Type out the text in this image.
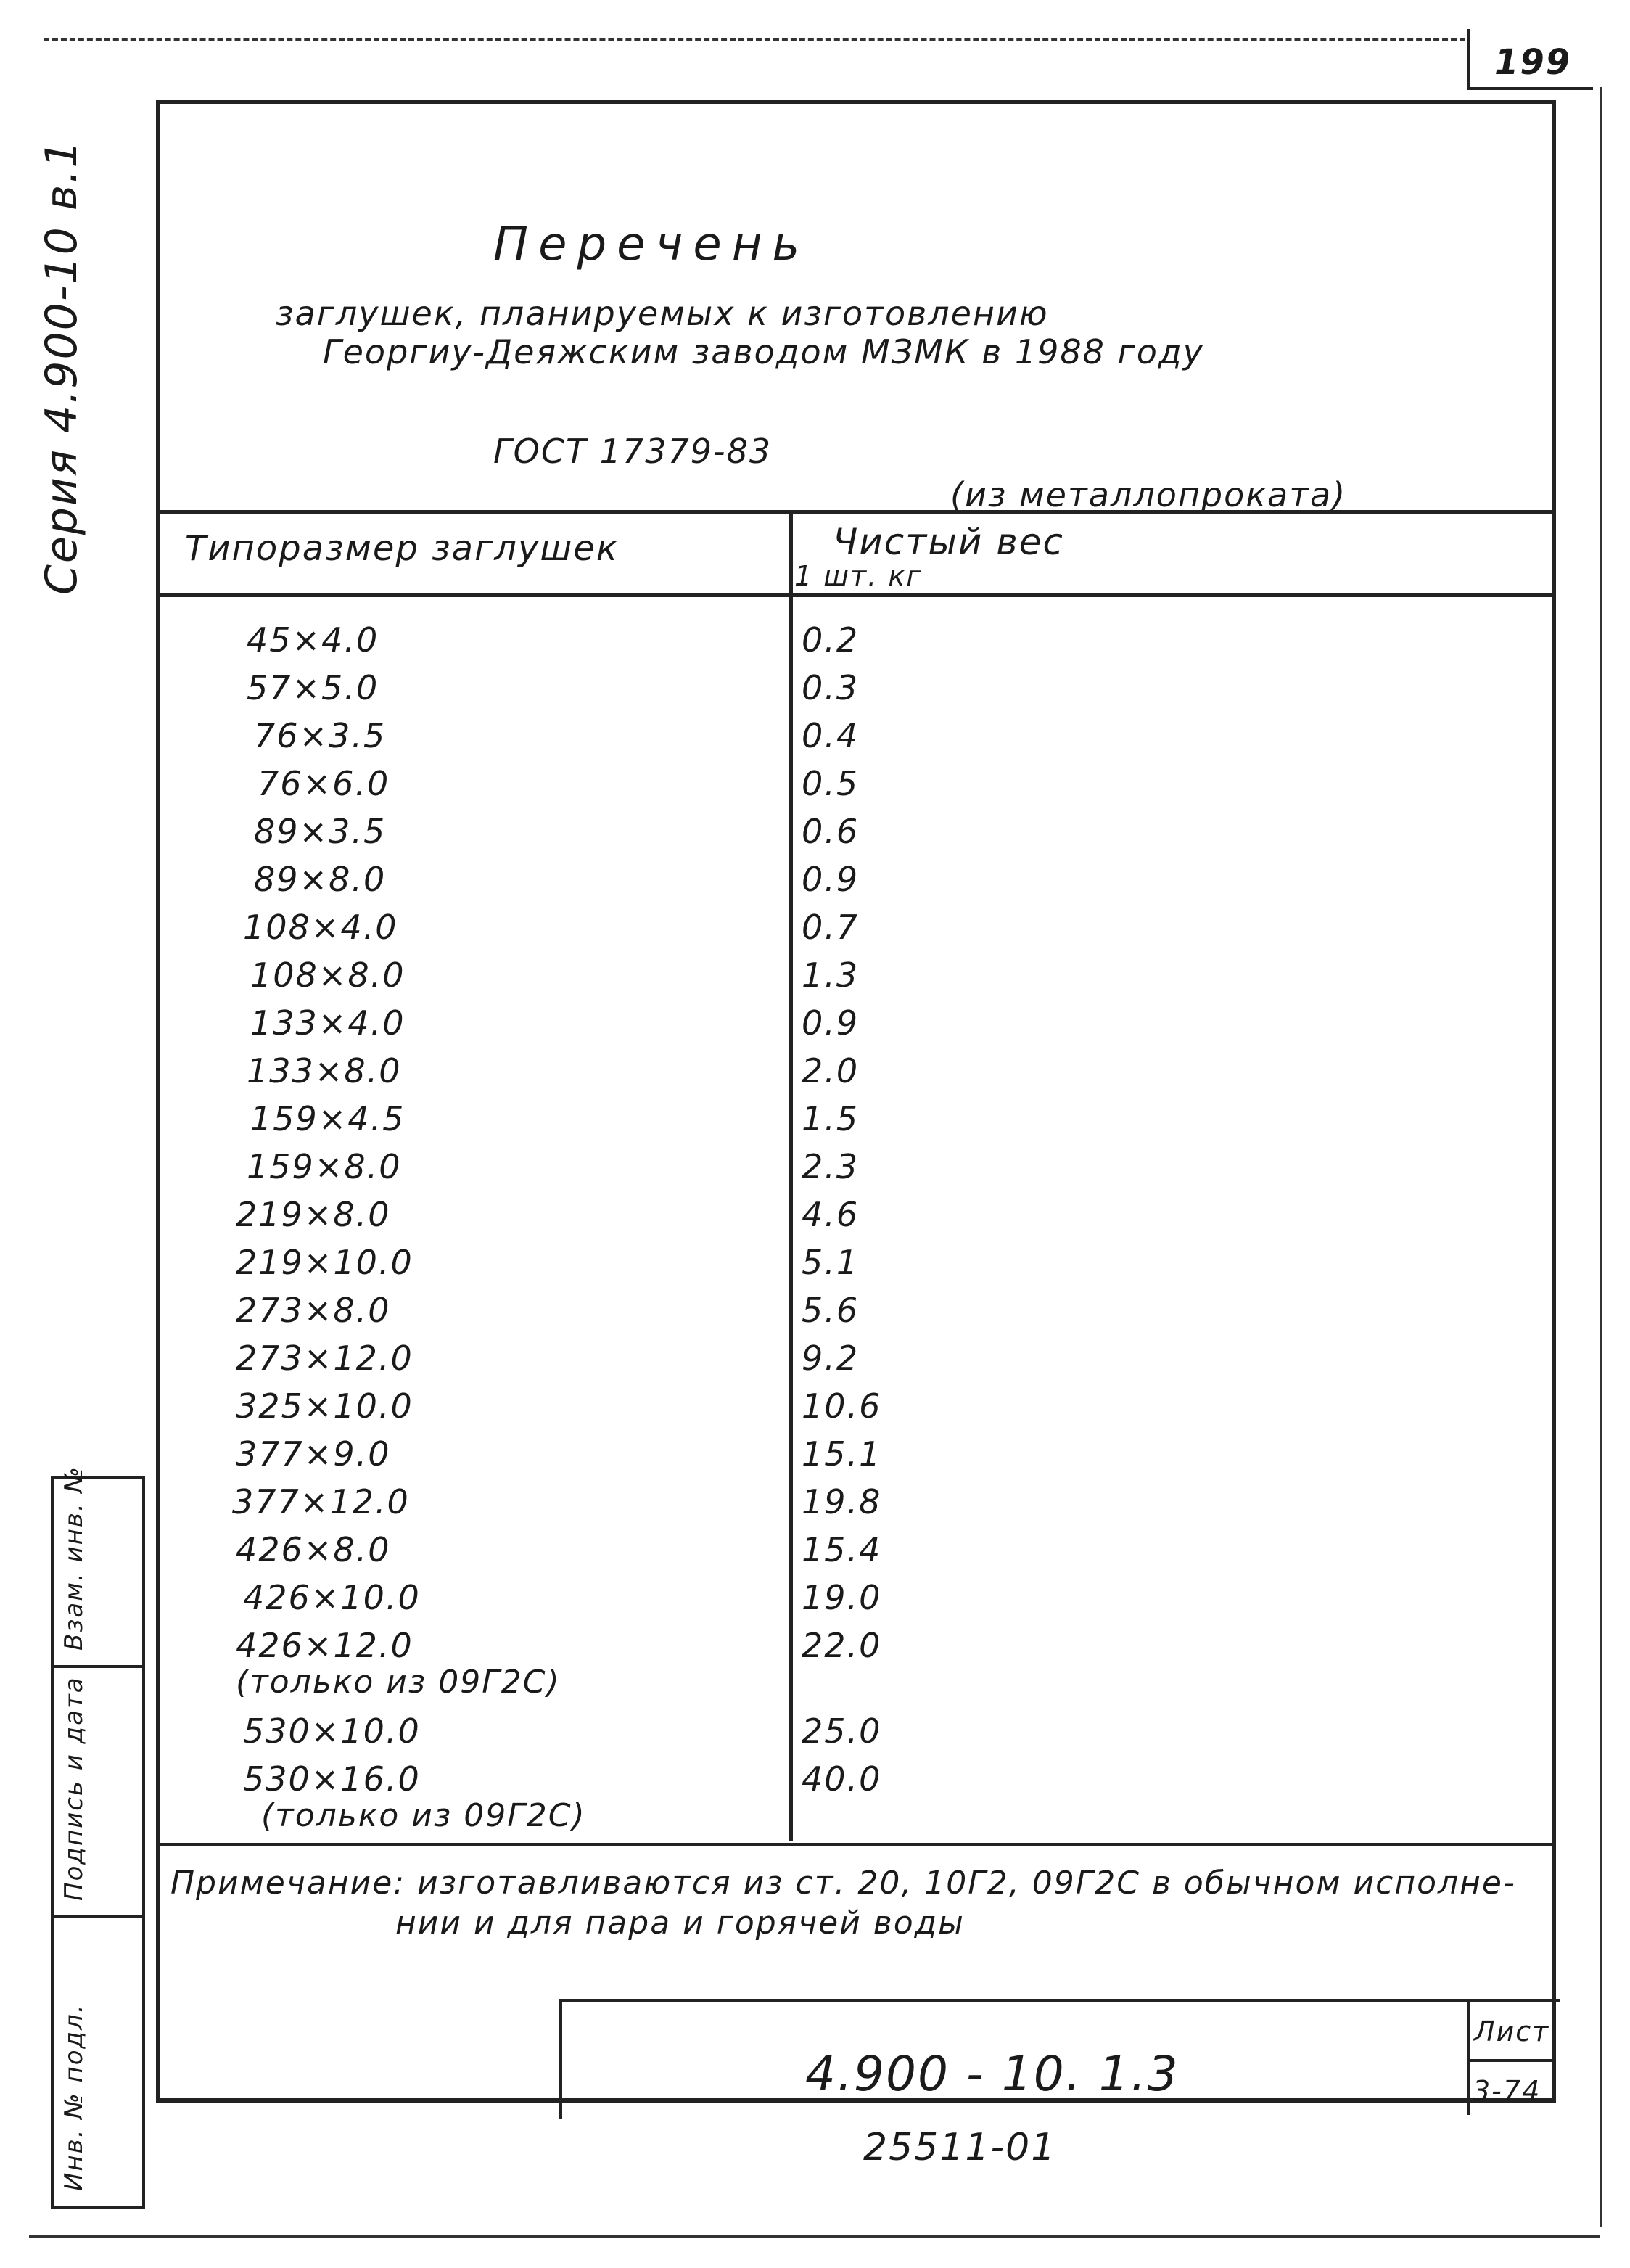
199
Серия 4.900-10 в.1	Перечень
заглушек, планируемых к изготовлению
Георгиу-Деяжским заводом МЗМК в 1988 году
ГОСТ 17379-83
(из металлопроката)
Типоразмер заглушек	Чистый вес
1 шт. кг
45×4.0	0.2
57×5.0	0.3
76×3.5	0.4
76×6.0	0.5
89×3.5	0.6
89×8.0	0.9
108×4.0	0.7
108×8.0	1.3
133×4.0	0.9
133×8.0	2.0
159×4.5	1.5
159×8.0	2.3
219×8.0	4.6
219×10.0	5.1
273×8.0	5.6
273×12.0	9.2
325×10.0	10.6
377×9.0	15.1
377×12.0	19.8
426×8.0	15.4
426×10.0	19.0
426×12.0	22.0
(только из 09Г2С)
530×10.0	25.0
530×16.0	40.0
(только из 09Г2С)
Примечание: изготавливаются из ст. 20, 10Г2, 09Г2С в обычном исполне-
нии и для пара и горячей воды
Взам. инв. №
Подпись и дата
Инв. № подл.	4.900 - 10. 1.3
Лист
3-74
25511-01
